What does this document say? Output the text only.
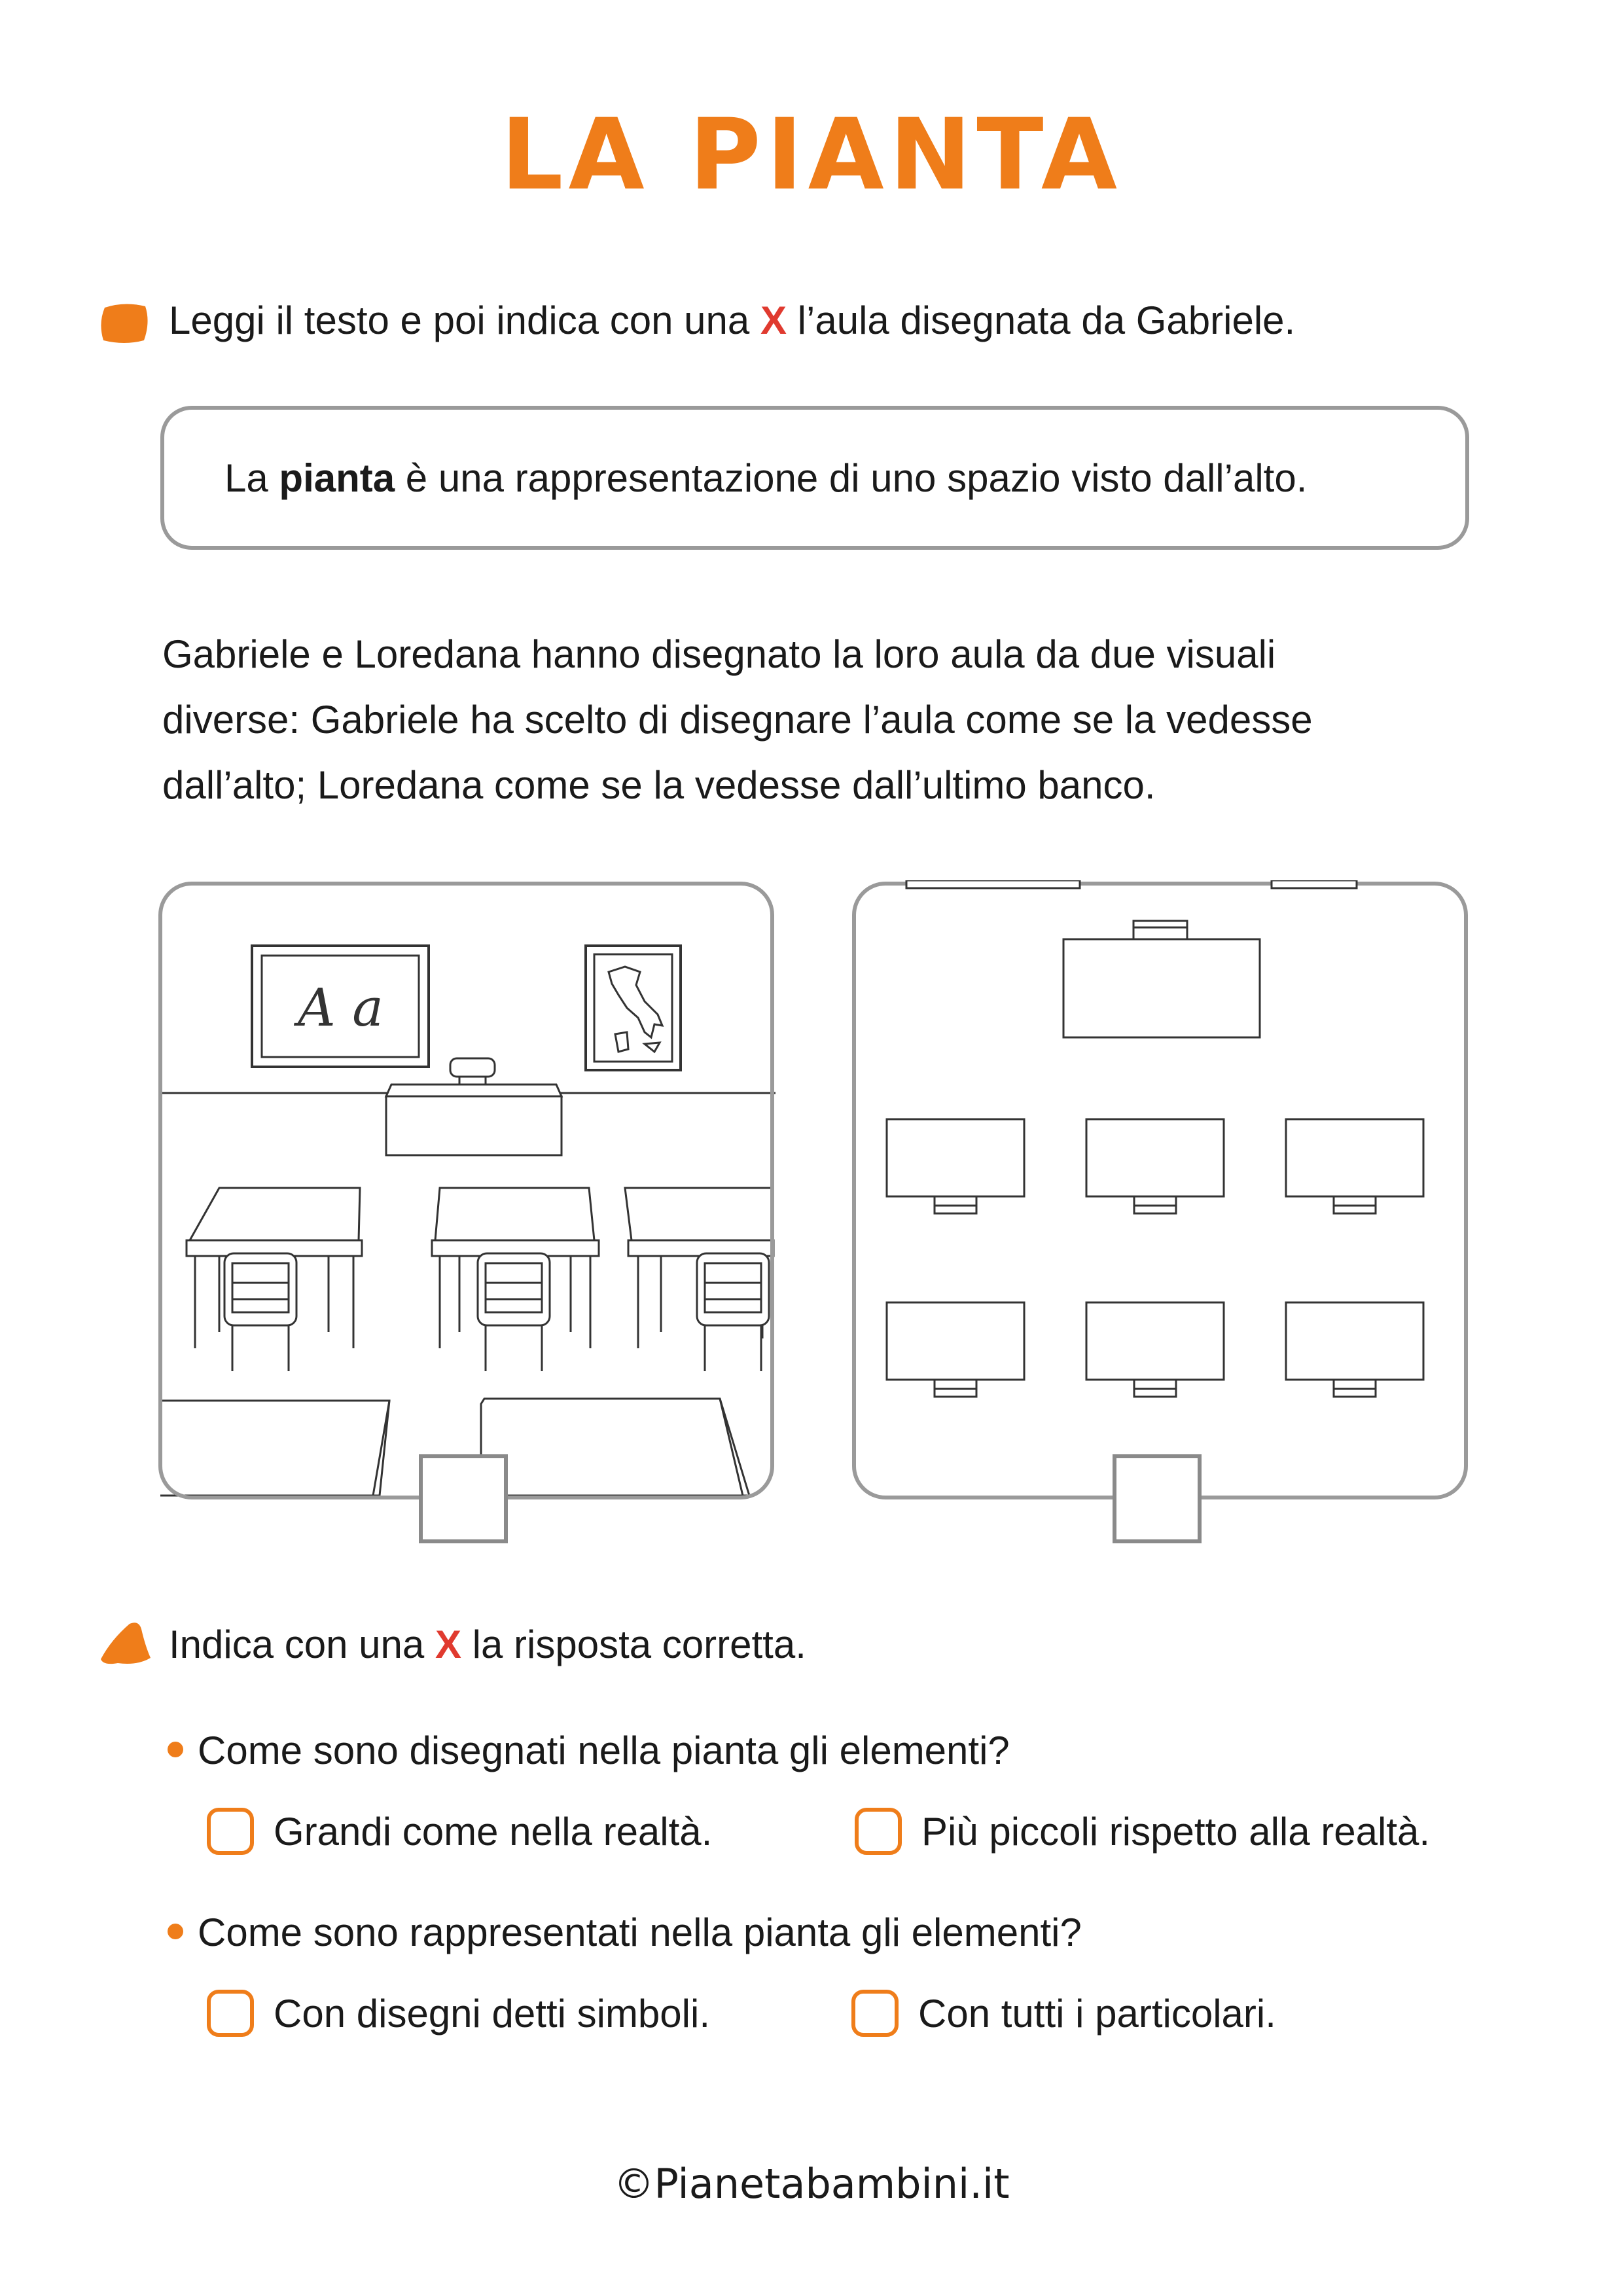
LA PIANTA
Leggi il testo e poi indica con una X l’aula disegnata da Gabriele.
La pianta è una rappresentazione di uno spazio visto dall’alto.
Gabriele e Loredana hanno disegnato la loro aula da due visuali
diverse: Gabriele ha scelto di disegnare l’aula come se la vedesse
dall’alto; Loredana come se la vedesse dall’ultimo banco.
A a
Indica con una X la risposta corretta.
Come sono disegnati nella pianta gli elementi?
Grandi come nella realtà.	Più piccoli rispetto alla realtà.
Come sono rappresentati nella pianta gli elementi?
Con disegni detti simboli.	Con tutti i particolari.
©Pianetabambini.it
